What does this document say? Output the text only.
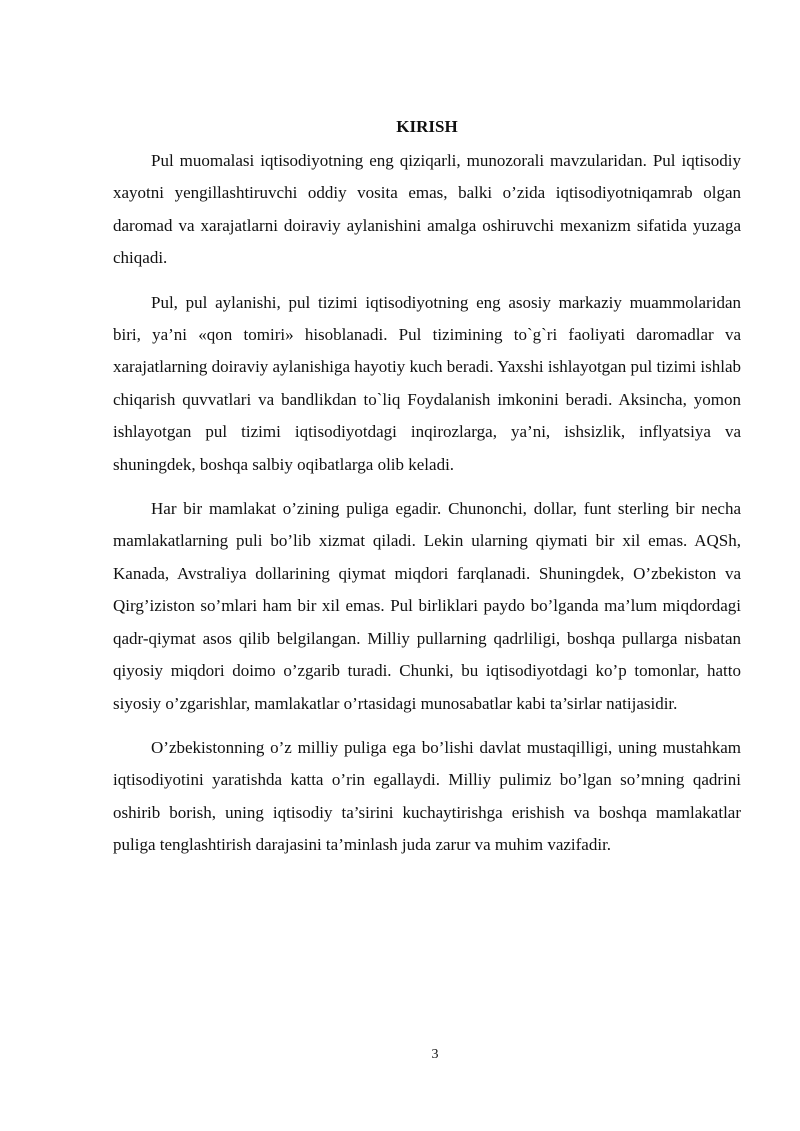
KIRISH

Pul muomalasi iqtisodiyotning eng qiziqarli, munozorali mavzularidan. Pul iqtisodiy xayotni yengillashtiruvchi oddiy vosita emas, balki o’zida iqtisodiyotniqamrab olgan daromad va xarajatlarni doiraviy aylanishini amalga oshiruvchi mexanizm sifatida yuzaga chiqadi.

Pul, pul aylanishi, pul tizimi iqtisodiyotning eng asosiy markaziy muammolaridan biri, ya’ni «qon tomiri» hisoblanadi. Pul tizimining to`g`ri faoliyati daromadlar va xarajatlarning doiraviy aylanishiga hayotiy kuch beradi. Yaxshi ishlayotgan pul tizimi ishlab chiqarish quvvatlari va bandlikdan to`liq Foydalanish imkonini beradi. Aksincha, yomon ishlayotgan pul tizimi iqtisodiyotdagi inqirozlarga, ya’ni, ishsizlik, inflyatsiya va shuningdek, boshqa salbiy oqibatlarga olib keladi.

Har bir mamlakat o’zining puliga egadir. Chunonchi, dollar, funt sterling bir necha mamlakatlarning puli bo’lib xizmat qiladi. Lekin ularning qiymati bir xil emas. AQSh, Kanada, Avstraliya dollarining qiymat miqdori farqlanadi. Shuningdek, O’zbekiston va Qirg’iziston so’mlari ham bir xil emas. Pul birliklari paydo bo’lganda ma’lum miqdordagi qadr-qiymat asos qilib belgilangan. Milliy pullarning qadrliligi, boshqa pullarga nisbatan qiyosiy miqdori doimo o’zgarib turadi. Chunki, bu iqtisodiyotdagi ko’p tomonlar, hatto siyosiy o’zgarishlar, mamlakatlar o’rtasidagi munosabatlar kabi ta’sirlar natijasidir.

O’zbekistonning o’z milliy puliga ega bo’lishi davlat mustaqilligi, uning mustahkam iqtisodiyotini yaratishda katta o’rin egallaydi. Milliy pulimiz bo’lgan so’mning qadrini oshirib borish, uning iqtisodiy ta’sirini kuchaytirishga erishish va boshqa mamlakatlar puliga tenglashtirish darajasini ta’minlash juda zarur va muhim vazifadir.

3
